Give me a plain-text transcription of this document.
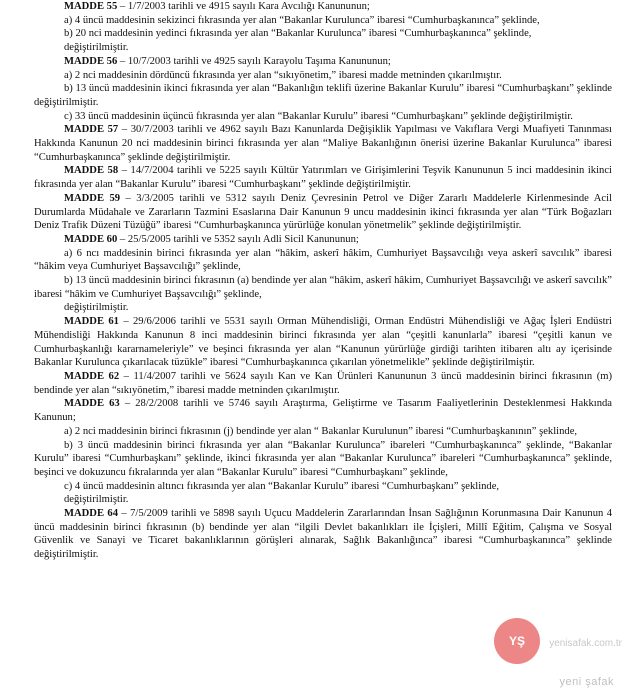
MADDE 55 – 1/7/2003 tarihli ve 4915 sayılı Kara Avcılığı Kanununun;

a) 4 üncü maddesinin sekizinci fıkrasında yer alan “Bakanlar Kurulunca” ibaresi “Cumhurbaşkanınca” şeklinde,

b) 20 nci maddesinin yedinci fıkrasında yer alan “Bakanlar Kurulunca” ibaresi “Cumhurbaşkanınca” şeklinde,

değiştirilmiştir.

MADDE 56 – 10/7/2003 tarihli ve 4925 sayılı Karayolu Taşıma Kanununun;

a) 2 nci maddesinin dördüncü fıkrasında yer alan “sıkıyönetim,” ibaresi madde metninden çıkarılmıştır.

b) 13 üncü maddesinin ikinci fıkrasında yer alan “Bakanlığın teklifi üzerine Bakanlar Kurulu” ibaresi “Cumhurbaşkanı” şeklinde değiştirilmiştir.

c) 33 üncü maddesinin üçüncü fıkrasında yer alan “Bakanlar Kurulu” ibaresi “Cumhurbaşkanı” şeklinde değiştirilmiştir.

MADDE 57 – 30/7/2003 tarihli ve 4962 sayılı Bazı Kanunlarda Değişiklik Yapılması ve Vakıflara Vergi Muafiyeti Tanınması Hakkında Kanunun 20 nci maddesinin birinci fıkrasında yer alan “Maliye Bakanlığının önerisi üzerine Bakanlar Kurulunca” ibaresi “Cumhurbaşkanınca” şeklinde değiştirilmiştir.

MADDE 58 – 14/7/2004 tarihli ve 5225 sayılı Kültür Yatırımları ve Girişimlerini Teşvik Kanununun 5 inci maddesinin ikinci fıkrasında yer alan “Bakanlar Kurulu” ibaresi “Cumhurbaşkanı” şeklinde değiştirilmiştir.

MADDE 59 – 3/3/2005 tarihli ve 5312 sayılı Deniz Çevresinin Petrol ve Diğer Zararlı Maddelerle Kirlenmesinde Acil Durumlarda Müdahale ve Zararların Tazmini Esaslarına Dair Kanunun 9 uncu maddesinin ikinci fıkrasında yer alan “Türk Boğazları Deniz Trafik Düzeni Tüzüğü” ibaresi “Cumhurbaşkanınca yürürlüğe konulan yönetmelik” şeklinde değiştirilmiştir.

MADDE 60 – 25/5/2005 tarihli ve 5352 sayılı Adli Sicil Kanununun;

a) 6 ncı maddesinin birinci fıkrasında yer alan “hâkim, askerî hâkim, Cumhuriyet Başsavcılığı veya askerî savcılık” ibaresi “hâkim veya Cumhuriyet Başsavcılığı” şeklinde,

b) 13 üncü maddesinin birinci fıkrasının (a) bendinde yer alan “hâkim, askerî hâkim, Cumhuriyet Başsavcılığı ve askerî savcılık” ibaresi “hâkim ve Cumhuriyet Başsavcılığı” şeklinde,

değiştirilmiştir.

MADDE 61 – 29/6/2006 tarihli ve 5531 sayılı Orman Mühendisliği, Orman Endüstri Mühendisliği ve Ağaç İşleri Endüstri Mühendisliği Hakkında Kanunun 8 inci maddesinin birinci fıkrasında yer alan “çeşitli kanunlarla” ibaresi “çeşitli kanun ve Cumhurbaşkanlığı kararnameleriyle” ve beşinci fıkrasında yer alan “Kanunun yürürlüğe girdiği tarihten itibaren altı ay içerisinde Bakanlar Kurulunca çıkarılacak tüzükle” ibaresi “Cumhurbaşkanınca çıkarılan yönetmelikle” şeklinde değiştirilmiştir.

MADDE 62 – 11/4/2007 tarihli ve 5624 sayılı Kan ve Kan Ürünleri Kanununun 3 üncü maddesinin birinci fıkrasının (m) bendinde yer alan “sıkıyönetim,” ibaresi madde metninden çıkarılmıştır.

MADDE 63 – 28/2/2008 tarihli ve 5746 sayılı Araştırma, Geliştirme ve Tasarım Faaliyetlerinin Desteklenmesi Hakkında Kanunun;

a) 2 nci maddesinin birinci fıkrasının (j) bendinde yer alan “ Bakanlar Kurulunun” ibaresi “Cumhurbaşkanının” şeklinde,

b) 3 üncü maddesinin birinci fıkrasında yer alan “Bakanlar Kurulunca” ibareleri “Cumhurbaşkanınca” şeklinde, “Bakanlar Kurulu” ibaresi “Cumhurbaşkanı” şeklinde, ikinci fıkrasında yer alan “Bakanlar Kurulunca” ibareleri “Cumhurbaşkanınca” şeklinde, beşinci ve dokuzuncu fıkralarında yer alan “Bakanlar Kurulu” ibaresi “Cumhurbaşkanı” şeklinde,

c) 4 üncü maddesinin altıncı fıkrasında yer alan “Bakanlar Kurulu” ibaresi “Cumhurbaşkanı” şeklinde,

değiştirilmiştir.

MADDE 64 – 7/5/2009 tarihli ve 5898 sayılı Uçucu Maddelerin Zararlarından İnsan Sağlığının Korunmasına Dair Kanunun 4 üncü maddesinin birinci fıkrasının (b) bendinde yer alan “ilgili Devlet bakanlıkları ile İçişleri, Millî Eğitim, Çalışma ve Sosyal Güvenlik ve Sanayi ve Ticaret bakanlıklarının görüşleri alınarak, Sağlık Bakanlığınca” ibaresi “Cumhurbaşkanınca” şeklinde değiştirilmiştir.

YŞ	yenisafak.com.tr
yeni şafak
